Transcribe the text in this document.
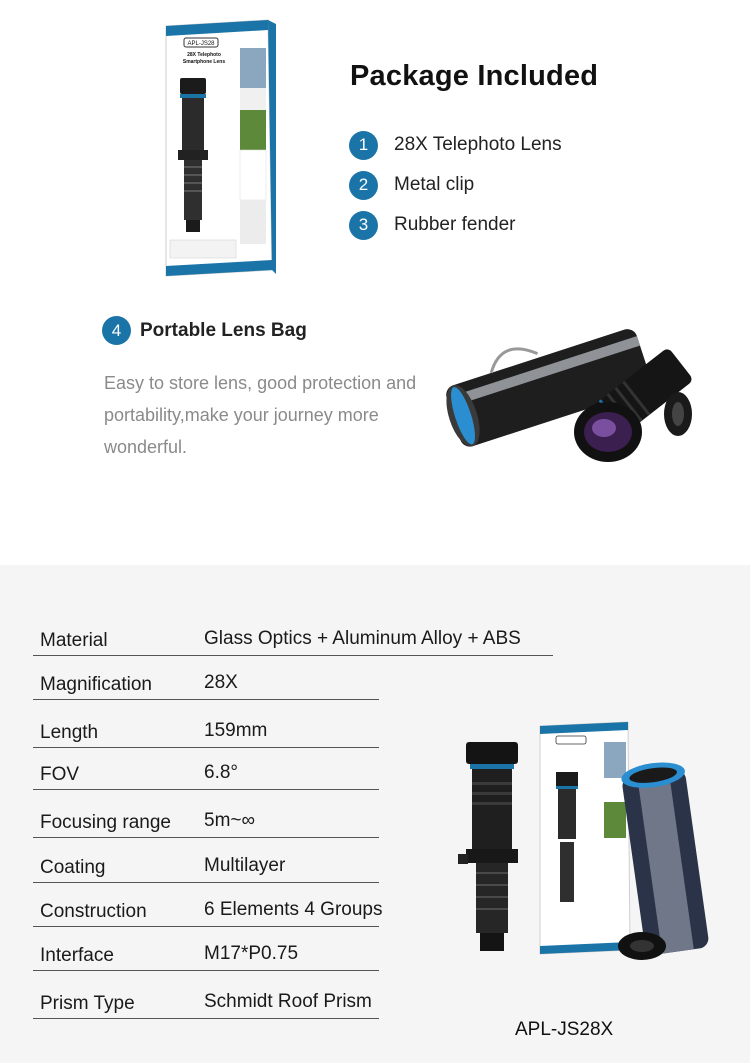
APL-JS28
28X Telephoto
Smartphone Lens	Package Included
1	28X Telephoto Lens
2	Metal clip
3	Rubber fender
4 Portable Lens Bag
Easy to store lens, good protection and portability,make your journey more wonderful.
Material	Glass Optics + Aluminum Alloy + ABS
Magnification	28X
Length	159mm
FOV	6.8°
Focusing range 5m~∞
Coating	Multilayer
Construction	6 Elements 4 Groups
Interface	M17*P0.75
Prism Type	Schmidt Roof Prism
APL-JS28X
